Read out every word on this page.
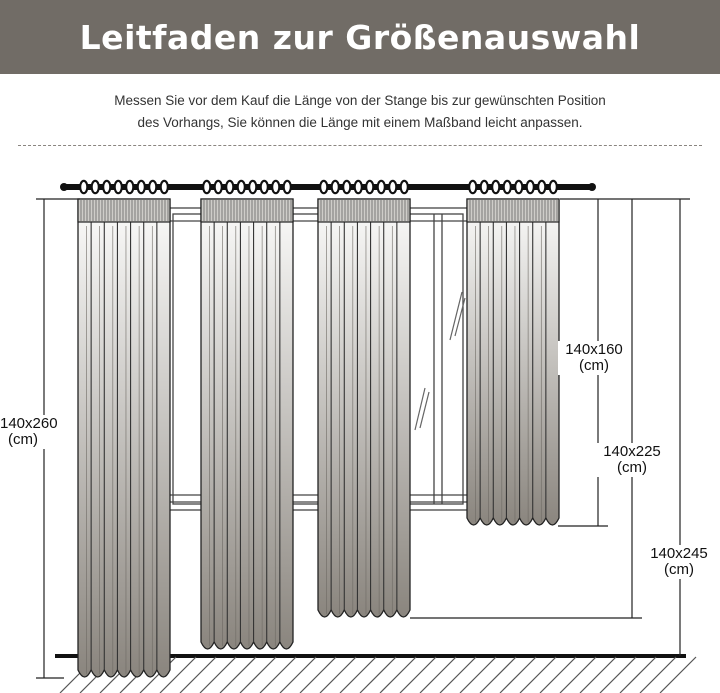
Leitfaden zur Größenauswahl
Messen Sie vor dem Kauf die Länge von der Stange bis zur gewünschten Position
des Vorhangs, Sie können die Länge mit einem Maßband leicht anpassen.
140x260
(cm)
140x160
(cm)
140x225
(cm)
140x245
(cm)
